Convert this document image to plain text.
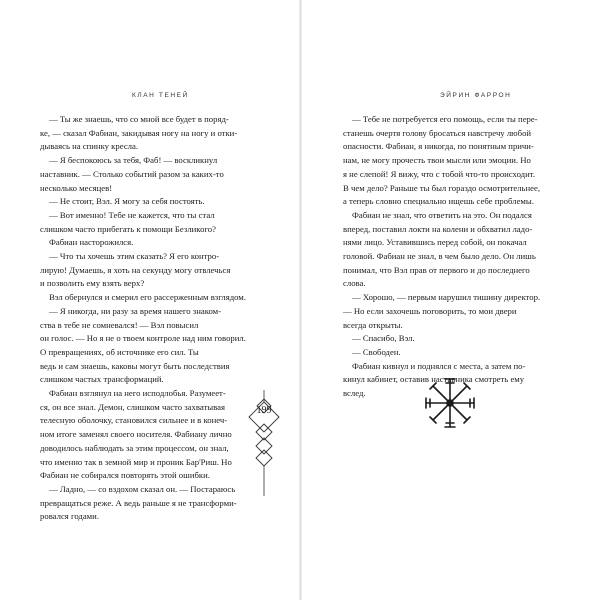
КЛАН ТЕНЕЙ

— Ты же знаешь, что со мной все будет в поряд-

ке, — сказал Фабиан, закидывая ногу на ногу и отки-

дываясь на спинку кресла.

— Я беспокоюсь за тебя, Фаб! — воскликнул

наставник. — Столько событий разом за каких-то

несколько месяцев!

— Не стоит, Вэл. Я могу за себя постоять.

— Вот именно! Тебе не кажется, что ты стал

слишком часто прибегать к помощи Безликого?

Фабиан насторожился.

— Что ты хочешь этим сказать? Я его контро-

лирую! Думаешь, я хоть на секунду могу отвлечься

и позволить ему взять верх?

Вэл обернулся и смерил его рассерженным взглядом.

— Я никогда, ни разу за время нашего знаком-

ства в тебе не сомневался! — Вэл повысил

он голос. — Но я не о твоем контроле над ним говорил.

О превращениях, об источнике его сил. Ты

ведь и сам знаешь, каковы могут быть последствия

слишком частых трансформаций.

Фабиан взглянул на него исподлобья. Разумеет-

ся, он все знал. Демон, слишком часто захватывая

телесную оболочку, становился сильнее и в конеч-

ном итоге заменял своего носителя. Фабиану лично

доводилось наблюдать за этим процессом, он знал,

что именно так в земной мир и проник Бар'Риш. Но

Фабиан не собирался повторять этой ошибки.

— Ладно, — со вздохом сказал он. — Постараюсь

превращаться реже. А ведь раньше я не трансформи-

ровался годами.

199
ЭЙРИН ФАРРОН

— Тебе не потребуется его помощь, если ты пере-

станешь очертя голову бросаться навстречу любой

опасности. Фабиан, я никогда, по понятным причи-

нам, не могу прочесть твои мысли или эмоции. Но

я не слепой! Я вижу, что с тобой что-то происходит.

В чем дело? Раньше ты был гораздо осмотрительнее,

а теперь словно специально ищешь себе проблемы.

Фабиан не знал, что ответить на это. Он подался

вперед, поставил локти на колени и обхватил ладо-

нями лицо. Уставившись перед собой, он покачал

головой. Фабиан не знал, в чем было дело. Он лишь

понимал, что Вэл прав от первого и до последнего

слова.

— Хорошо, — первым нарушил тишину директор.

— Но если захочешь поговорить, то мои двери

всегда открыты.

— Спасибо, Вэл.

— Свободен.

Фабиан кивнул и поднялся с места, а затем по-

кинул кабинет, оставив наставника смотреть ему

вслед.
